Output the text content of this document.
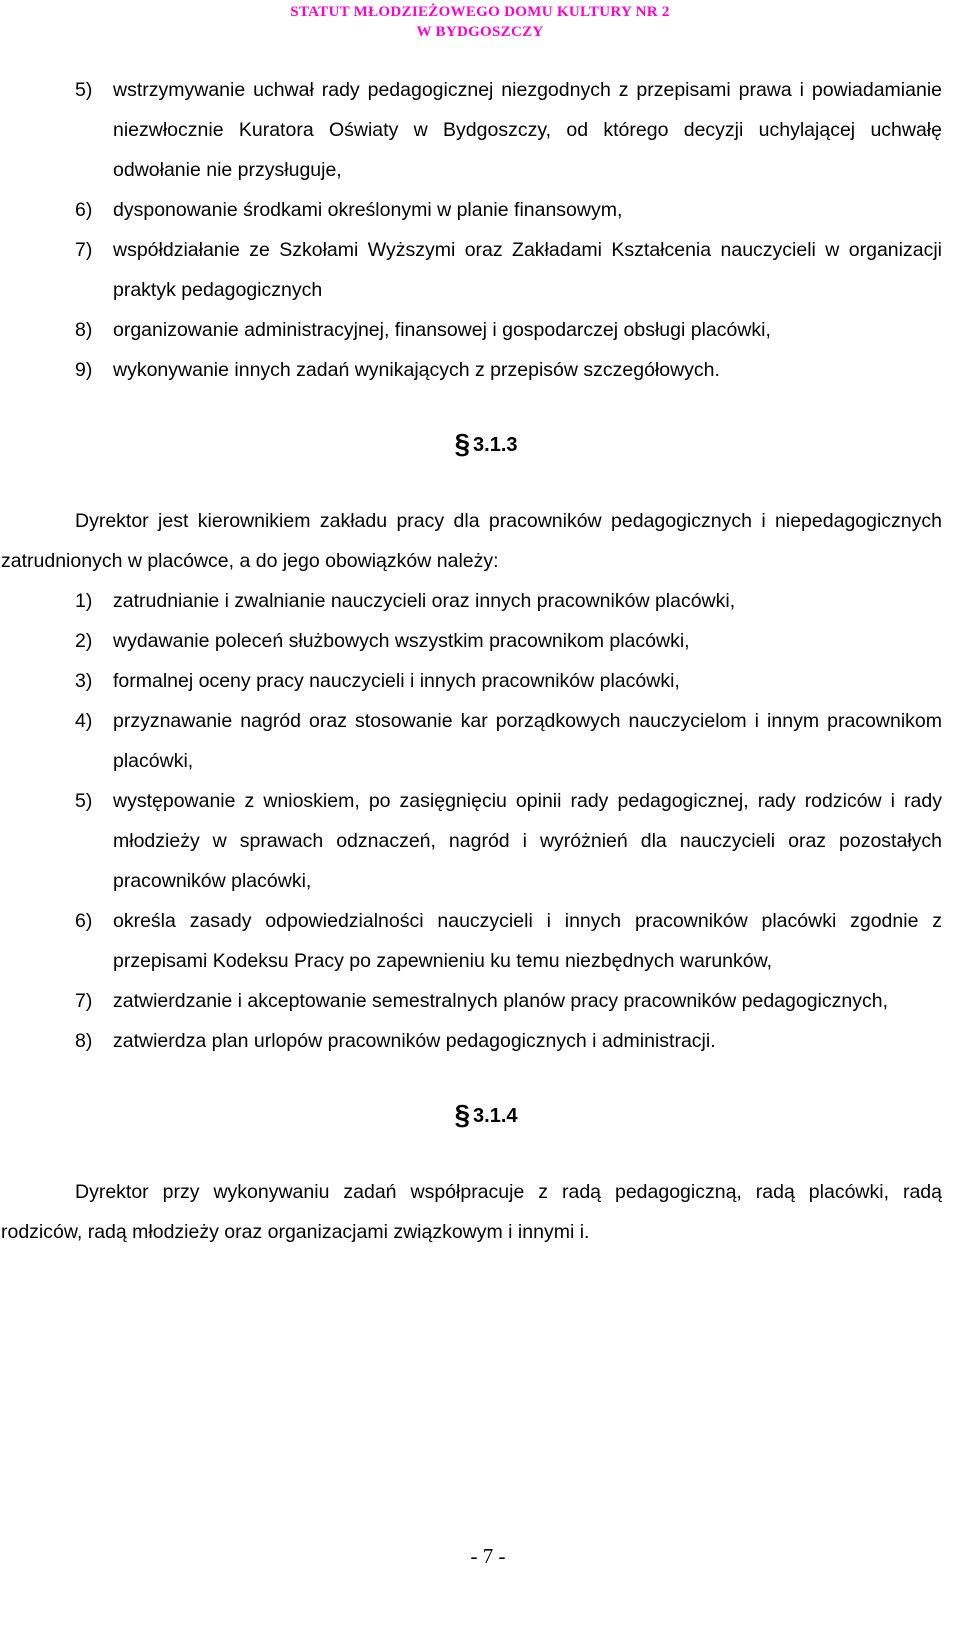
STATUT MŁODZIEŻOWEGO DOMU KULTURY NR 2
W BYDGOSZCZY
5) wstrzymywanie uchwał rady pedagogicznej niezgodnych z przepisami prawa i powiadamianie niezwłocznie Kuratora Oświaty w Bydgoszczy, od którego decyzji uchylającej uchwałę odwołanie nie przysługuje,
6) dysponowanie środkami określonymi w planie finansowym,
7) współdziałanie ze Szkołami Wyższymi oraz Zakładami Kształcenia nauczycieli w organizacji praktyk pedagogicznych
8) organizowanie administracyjnej, finansowej i gospodarczej obsługi placówki,
9) wykonywanie innych zadań wynikających z przepisów szczegółowych.
§ 3.1.3
Dyrektor jest kierownikiem zakładu pracy dla pracowników pedagogicznych i niepedagogicznych zatrudnionych w placówce, a do jego obowiązków należy:
1) zatrudnianie i zwalnianie nauczycieli oraz innych pracowników placówki,
2) wydawanie poleceń służbowych wszystkim pracownikom placówki,
3) formalnej oceny pracy nauczycieli i innych pracowników placówki,
4) przyznawanie nagród oraz stosowanie kar porządkowych nauczycielom i innym pracownikom placówki,
5) występowanie z wnioskiem, po zasięgnięciu opinii rady pedagogicznej, rady rodziców i rady młodzieży w sprawach odznaczeń, nagród i wyróżnień dla nauczycieli oraz pozostałych pracowników placówki,
6) określa zasady odpowiedzialności nauczycieli i innych pracowników placówki zgodnie z przepisami Kodeksu Pracy po zapewnieniu ku temu niezbędnych warunków,
7) zatwierdzanie i akceptowanie semestralnych planów pracy pracowników pedagogicznych,
8) zatwierdza plan urlopów pracowników pedagogicznych i administracji.
§ 3.1.4
Dyrektor przy wykonywaniu zadań współpracuje z radą pedagogiczną, radą placówki, radą rodziców, radą młodzieży oraz organizacjami związkowym i innymi i.
- 7 -
